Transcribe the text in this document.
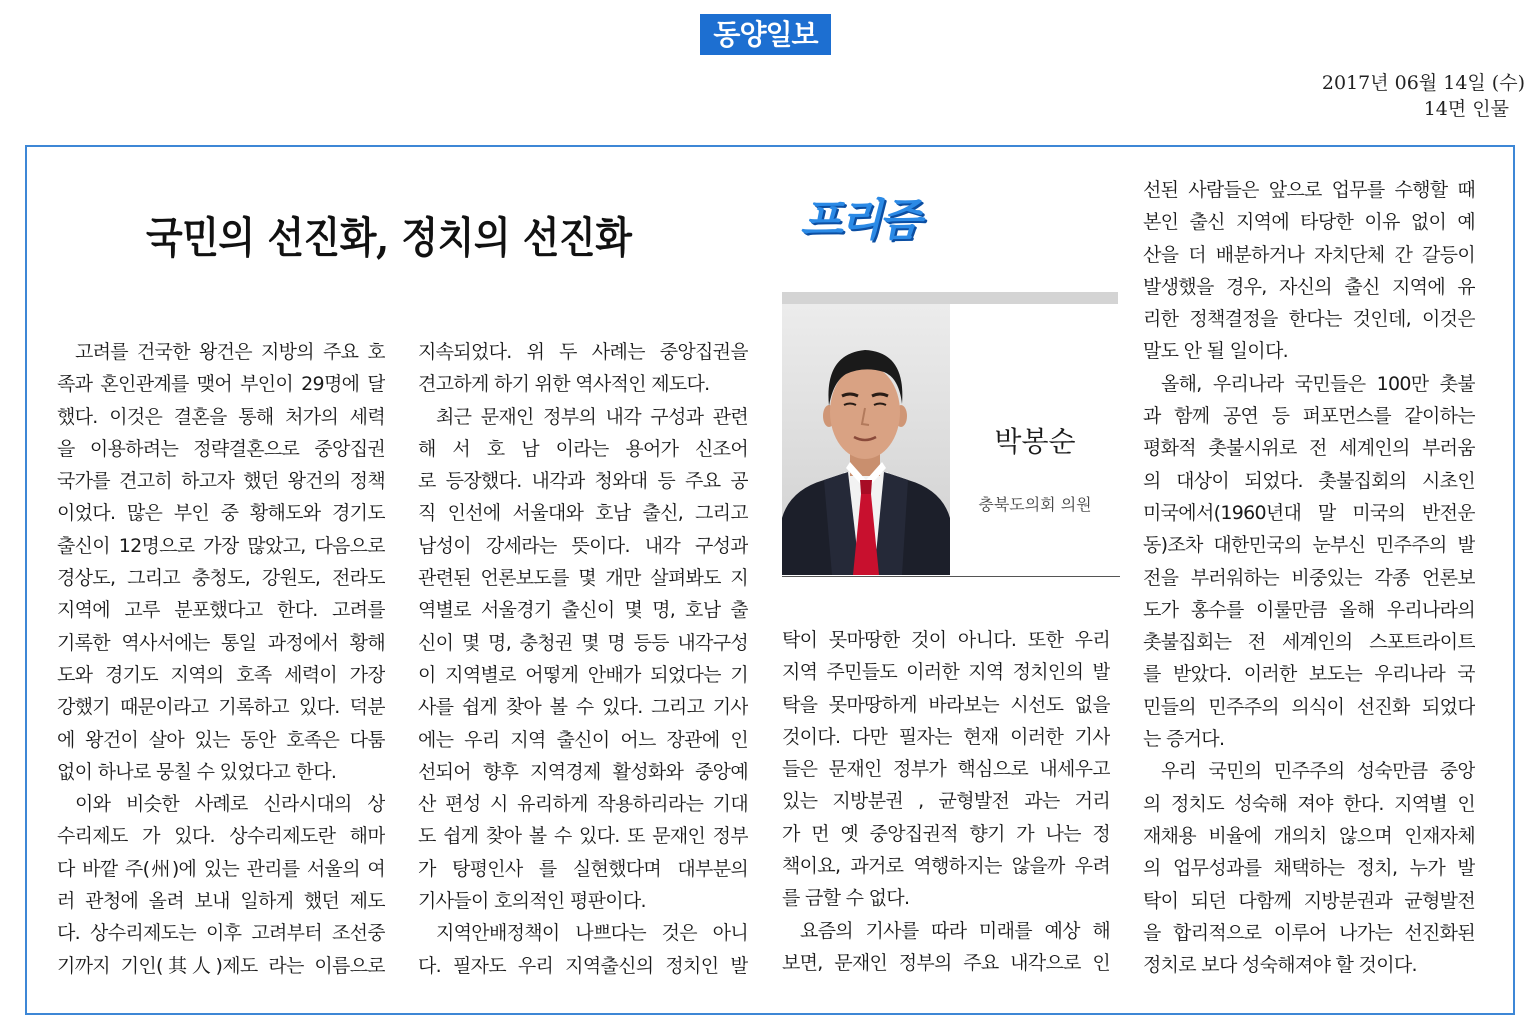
동양일보
2017년 06월 14일 (수)
14면 인물
국민의 선진화, 정치의 선진화	프리즘
박봉순
충북도의회 의원
고려를 건국한 왕건은 지방의 주요 호
족과 혼인관계를 맺어 부인이 29명에 달
했다. 이것은 결혼을 통해 처가의 세력
을 이용하려는 정략결혼으로 중앙집권
국가를 견고히 하고자 했던 왕건의 정책
이었다. 많은 부인 중 황해도와 경기도
출신이 12명으로 가장 많았고, 다음으로
경상도, 그리고 충청도, 강원도, 전라도
지역에 고루 분포했다고 한다. 고려를
기록한 역사서에는 통일 과정에서 황해
도와 경기도 지역의 호족 세력이 가장
강했기 때문이라고 기록하고 있다. 덕분
에 왕건이 살아 있는 동안 호족은 다툼
없이 하나로 뭉칠 수 있었다고 한다.
이와 비슷한 사례로 신라시대의 상
수리제도 가 있다. 상수리제도란 해마
다 바깥 주(州)에 있는 관리를 서울의 여
러 관청에 올려 보내 일하게 했던 제도
다. 상수리제도는 이후 고려부터 조선중
기까지 기인(其人)제도 라는 이름으로
지속되었다. 위 두 사례는 중앙집권을
견고하게 하기 위한 역사적인 제도다.
최근 문재인 정부의 내각 구성과 관련
해 서 호 남 이라는 용어가 신조어
로 등장했다. 내각과 청와대 등 주요 공
직 인선에 서울대와 호남 출신, 그리고
남성이 강세라는 뜻이다. 내각 구성과
관련된 언론보도를 몇 개만 살펴봐도 지
역별로 서울경기 출신이 몇 명, 호남 출
신이 몇 명, 충청권 몇 명 등등 내각구성
이 지역별로 어떻게 안배가 되었다는 기
사를 쉽게 찾아 볼 수 있다. 그리고 기사
에는 우리 지역 출신이 어느 장관에 인
선되어 향후 지역경제 활성화와 중앙예
산 편성 시 유리하게 작용하리라는 기대
도 쉽게 찾아 볼 수 있다. 또 문재인 정부
가 탕평인사 를 실현했다며 대부분의
기사들이 호의적인 평판이다.
지역안배정책이 나쁘다는 것은 아니
다. 필자도 우리 지역출신의 정치인 발
탁이 못마땅한 것이 아니다. 또한 우리
지역 주민들도 이러한 지역 정치인의 발
탁을 못마땅하게 바라보는 시선도 없을
것이다. 다만 필자는 현재 이러한 기사
들은 문재인 정부가 핵심으로 내세우고
있는 지방분권 , 균형발전 과는 거리
가 먼 옛 중앙집권적 향기 가 나는 정
책이요, 과거로 역행하지는 않을까 우려
를 금할 수 없다.
요즘의 기사를 따라 미래를 예상 해
보면, 문재인 정부의 주요 내각으로 인
선된 사람들은 앞으로 업무를 수행할 때
본인 출신 지역에 타당한 이유 없이 예
산을 더 배분하거나 자치단체 간 갈등이
발생했을 경우, 자신의 출신 지역에 유
리한 정책결정을 한다는 것인데, 이것은
말도 안 될 일이다.
올해, 우리나라 국민들은 100만 촛불
과 함께 공연 등 퍼포먼스를 같이하는
평화적 촛불시위로 전 세계인의 부러움
의 대상이 되었다. 촛불집회의 시초인
미국에서(1960년대 말 미국의 반전운
동)조차 대한민국의 눈부신 민주주의 발
전을 부러워하는 비중있는 각종 언론보
도가 홍수를 이룰만큼 올해 우리나라의
촛불집회는 전 세계인의 스포트라이트
를 받았다. 이러한 보도는 우리나라 국
민들의 민주주의 의식이 선진화 되었다
는 증거다.
우리 국민의 민주주의 성숙만큼 중앙
의 정치도 성숙해 져야 한다. 지역별 인
재채용 비율에 개의치 않으며 인재자체
의 업무성과를 채택하는 정치, 누가 발
탁이 되던 다함께 지방분권과 균형발전
을 합리적으로 이루어 나가는 선진화된
정치로 보다 성숙해져야 할 것이다.
